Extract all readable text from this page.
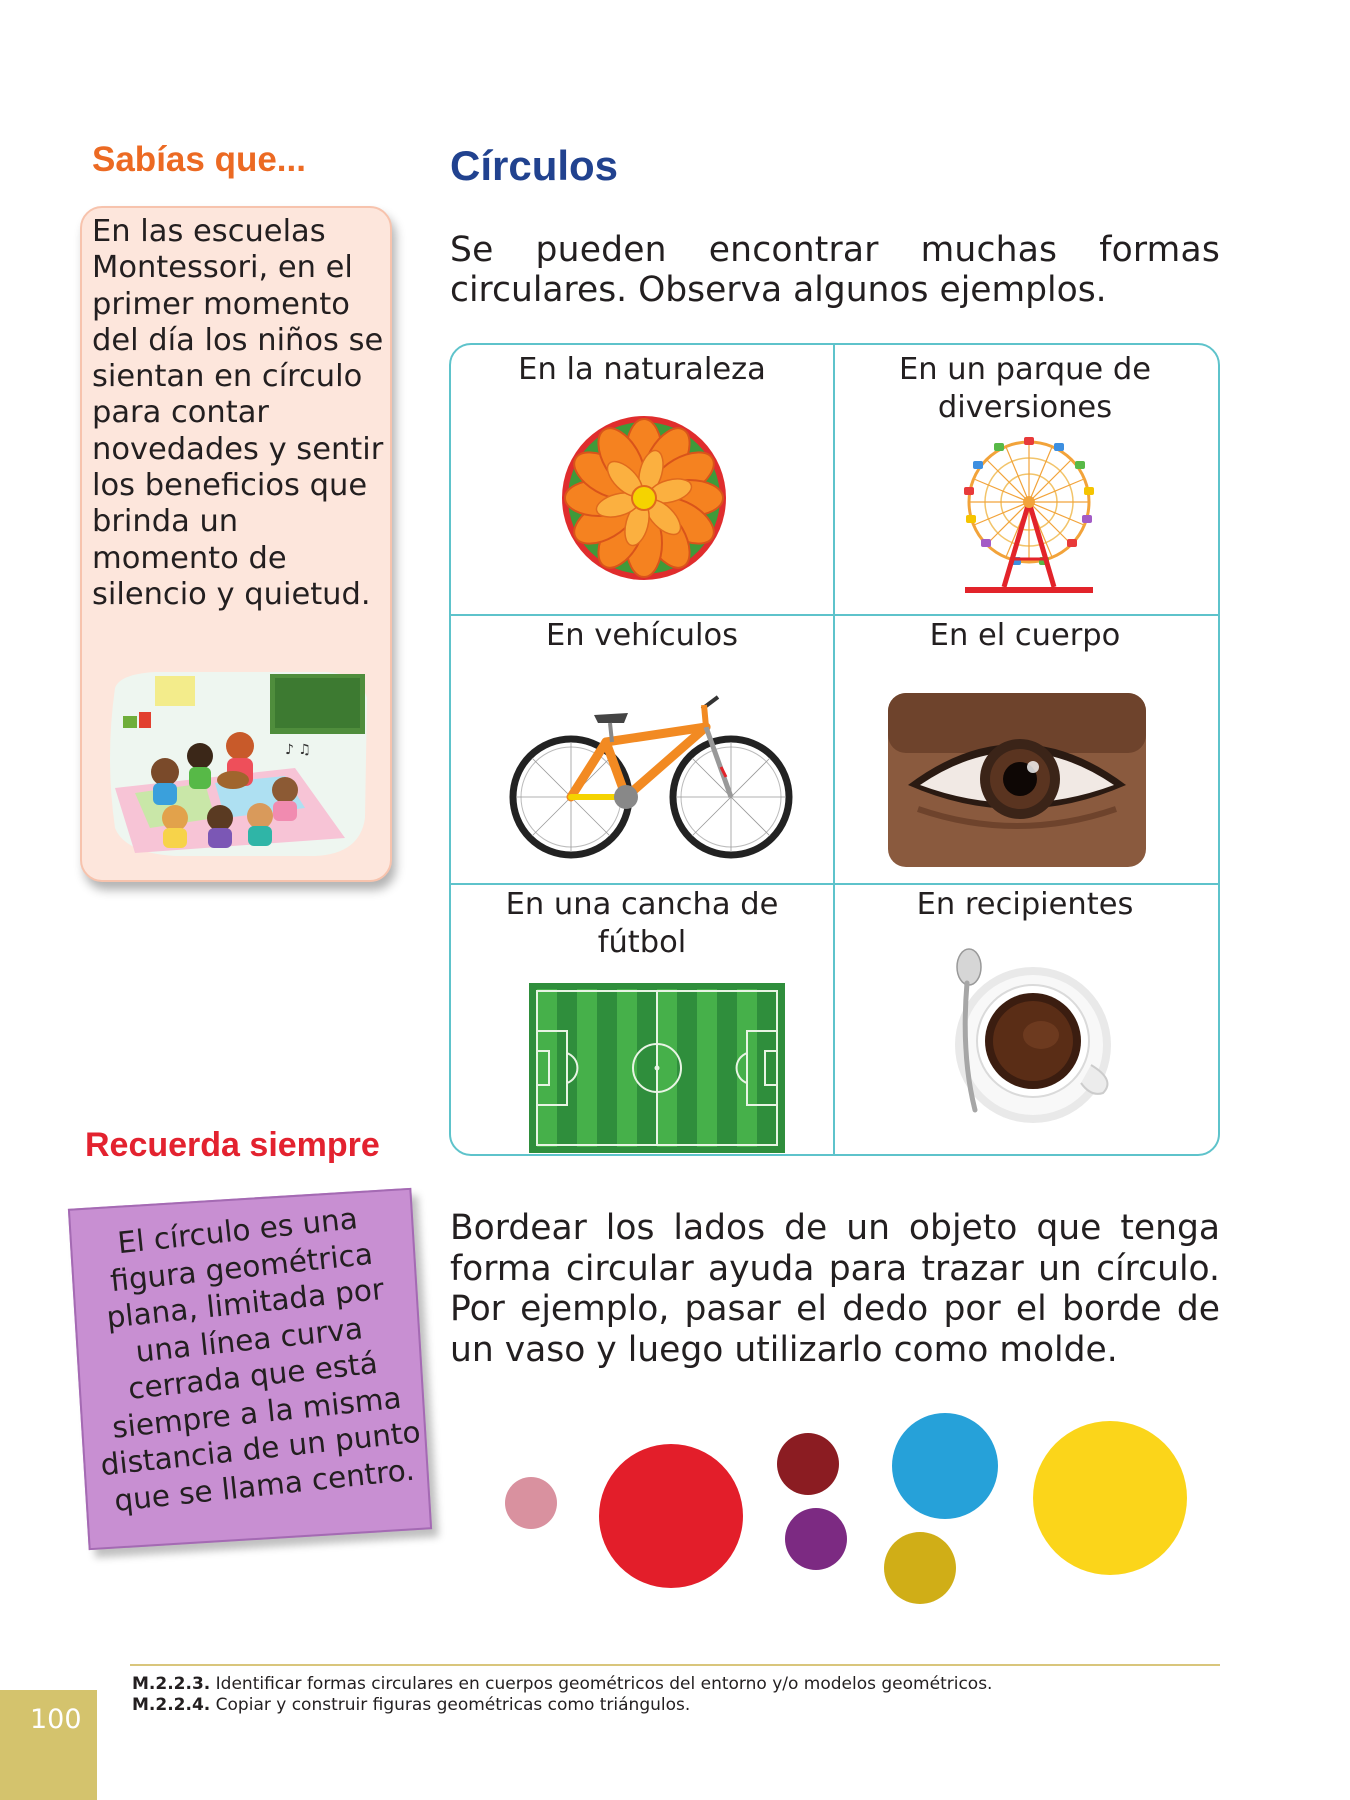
Sabías que...
En las escuelas Montessori, en el primer momento del día los niños se sientan en círculo para contar novedades y sentir los beneficios que brinda un momento de silencio y quietud.
♪ ♫
Recuerda siempre
El círculo es una figura geométrica plana, limitada por una línea curva cerrada que está siempre a la misma distancia de un punto que se llama centro.
Círculos
Se pueden encontrar muchas formas
circulares. Observa algunos ejemplos.
En la naturaleza	En un parque de diversiones
En vehículos	En el cuerpo
En una cancha de fútbol
En recipientes
Bordear los lados de un objeto que tenga forma circular ayuda para trazar un círculo. Por ejemplo, pasar el dedo por el borde de un vaso y luego utilizarlo como molde.
M.2.2.3. Identificar formas circulares en cuerpos geométricos del entorno y/o modelos geométricos.
M.2.2.4. Copiar y construir figuras geométricas como triángulos.
100
